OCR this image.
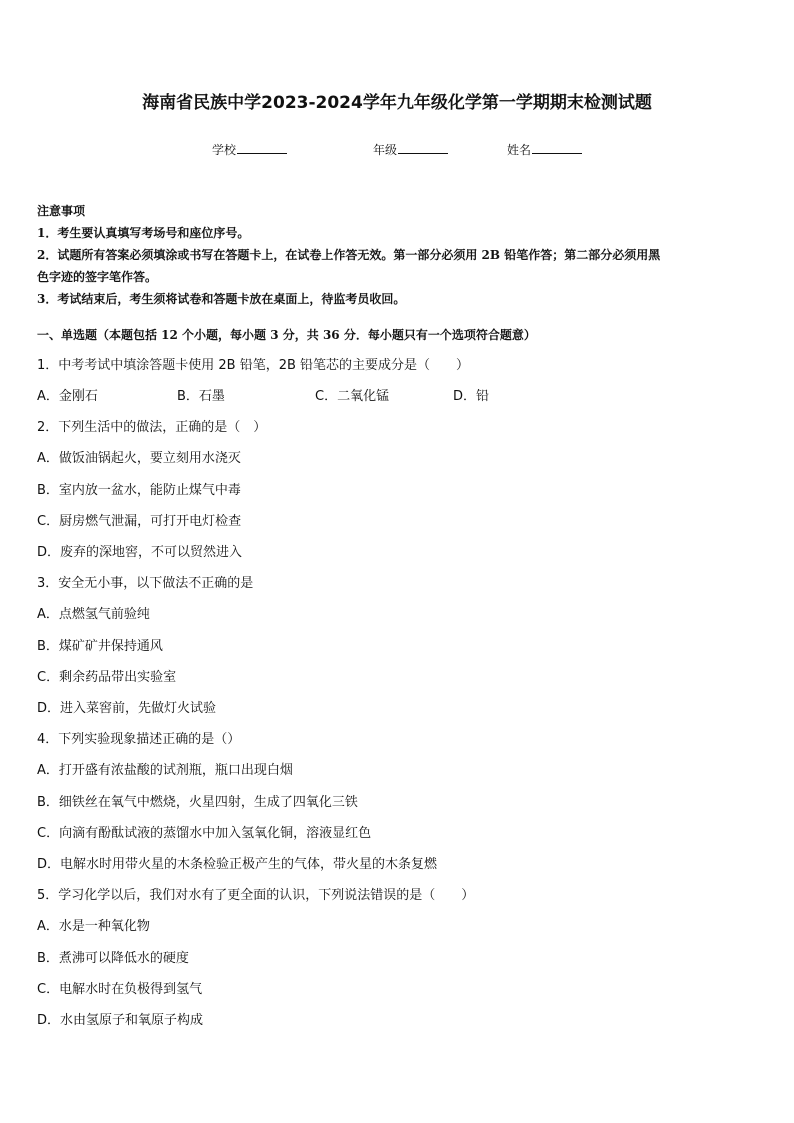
海南省民族中学2023-2024学年九年级化学第一学期期末检测试题
学校	年级	姓名
注意事项
1．考生要认真填写考场号和座位序号。
2．试题所有答案必须填涂或书写在答题卡上，在试卷上作答无效。第一部分必须用 2B 铅笔作答；第二部分必须用黑
色字迹的签字笔作答。
3．考试结束后，考生须将试卷和答题卡放在桌面上，待监考员收回。
一、单选题（本题包括 12 个小题，每小题 3 分，共 36 分．每小题只有一个选项符合题意）
1．中考考试中填涂答题卡使用 2B 铅笔，2B 铅笔芯的主要成分是（　　）
A．金刚石	B．石墨	C．二氧化锰	D．铅
2．下列生活中的做法，正确的是（　）
A．做饭油锅起火，要立刻用水浇灭
B．室内放一盆水，能防止煤气中毒
C．厨房燃气泄漏，可打开电灯检查
D．废弃的深地窖，不可以贸然进入
3．安全无小事，以下做法不正确的是
A．点燃氢气前验纯
B．煤矿矿井保持通风
C．剩余药品带出实验室
D．进入菜窖前，先做灯火试验
4．下列实验现象描述正确的是（）
A．打开盛有浓盐酸的试剂瓶，瓶口出现白烟
B．细铁丝在氧气中燃烧，火星四射，生成了四氧化三铁
C．向滴有酚酞试液的蒸馏水中加入氢氧化铜，溶液显红色
D．电解水时用带火星的木条检验正极产生的气体，带火星的木条复燃
5．学习化学以后，我们对水有了更全面的认识，下列说法错误的是（　　）
A．水是一种氧化物
B．煮沸可以降低水的硬度
C．电解水时在负极得到氢气
D．水由氢原子和氧原子构成
